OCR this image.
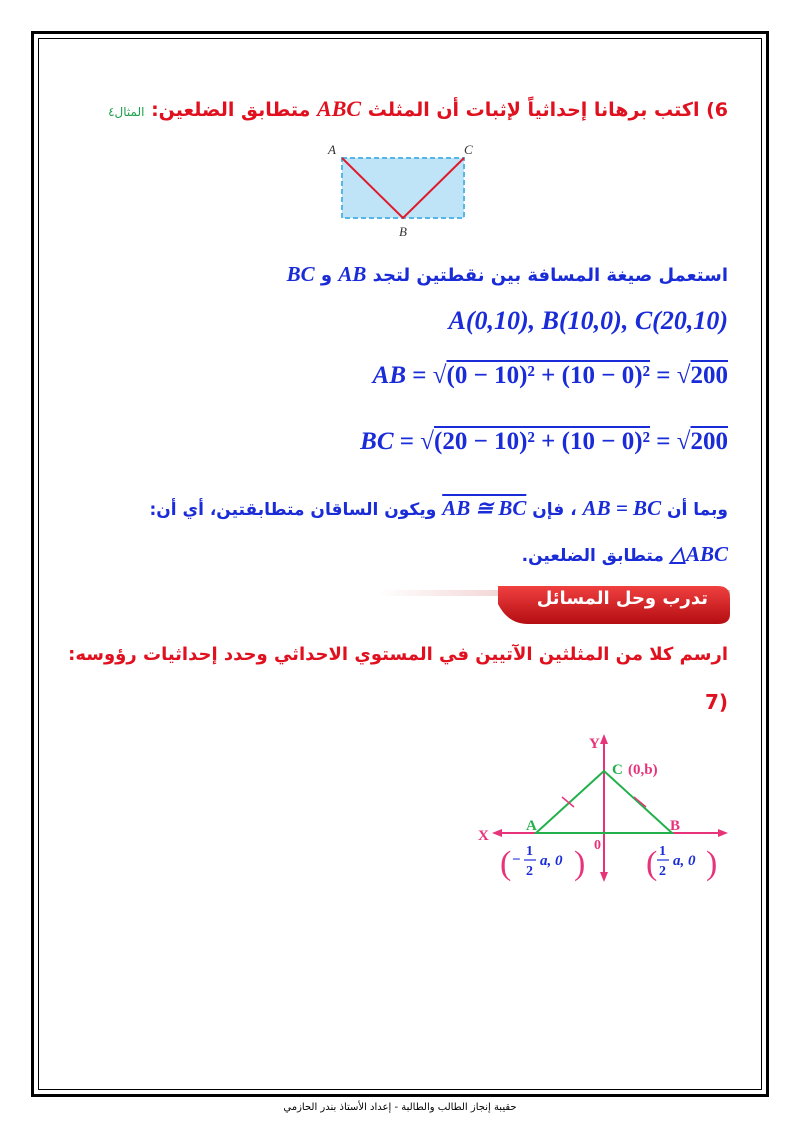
6) اكتب برهانا إحداثياً لإثبات أن المثلث ABC متطابق الضلعين: المثال٤
A	C
B
استعمل صيغة المسافة بين نقطتين لتجد AB و BC
A(0,10), B(10,0), C(20,10)
AB = √(0 − 10)² + (10 − 0)² = √200
BC = √(20 − 10)² + (10 − 0)² = √200
وبما أن AB = BC ، فإن AB ≅ BC ويكون الساقان متطابقتين، أي أن:
△ABC متطابق الضلعين.
تدرب وحل المسائل
ارسم كلا من المثلثين الآتيين في المستوي الاحداثي وحدد إحداثيات رؤوسه:
(7
Y
X
C (0,b)
A	B
0
( −
1
2
a, 0 ) ( 1
2
a, 0 )
حقيبة إنجاز الطالب والطالبة - إعداد الأستاذ بندر الحازمي
